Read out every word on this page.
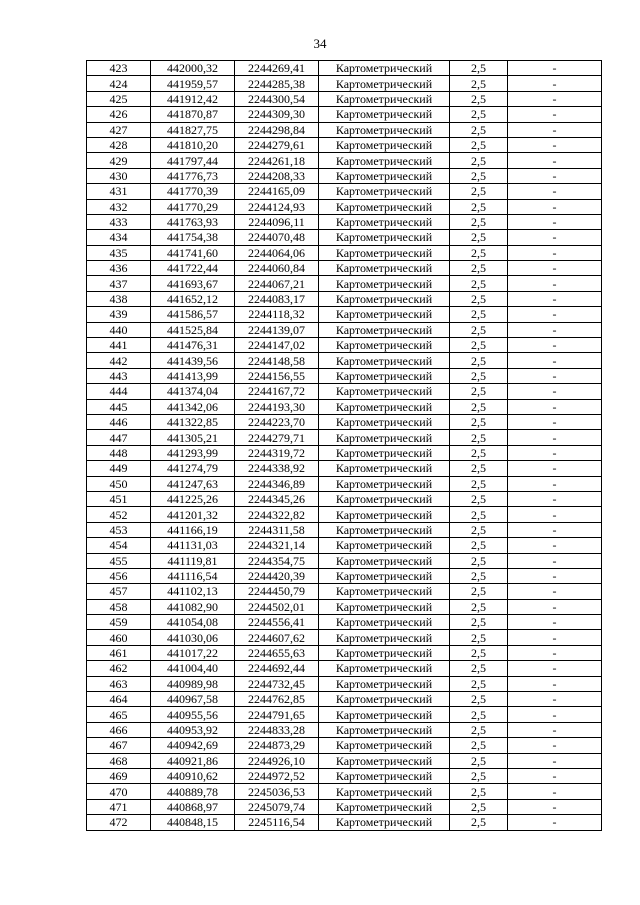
34
423	442000,32	2244269,41	Картометрический	2,5	-
424	441959,57	2244285,38	Картометрический	2,5	-
425	441912,42	2244300,54	Картометрический	2,5	-
426	441870,87	2244309,30	Картометрический	2,5	-
427	441827,75	2244298,84	Картометрический	2,5	-
428	441810,20	2244279,61	Картометрический	2,5	-
429	441797,44	2244261,18	Картометрический	2,5	-
430	441776,73	2244208,33	Картометрический	2,5	-
431	441770,39	2244165,09	Картометрический	2,5	-
432	441770,29	2244124,93	Картометрический	2,5	-
433	441763,93	2244096,11	Картометрический	2,5	-
434	441754,38	2244070,48	Картометрический	2,5	-
435	441741,60	2244064,06	Картометрический	2,5	-
436	441722,44	2244060,84	Картометрический	2,5	-
437	441693,67	2244067,21	Картометрический	2,5	-
438	441652,12	2244083,17	Картометрический	2,5	-
439	441586,57	2244118,32	Картометрический	2,5	-
440	441525,84	2244139,07	Картометрический	2,5	-
441	441476,31	2244147,02	Картометрический	2,5	-
442	441439,56	2244148,58	Картометрический	2,5	-
443	441413,99	2244156,55	Картометрический	2,5	-
444	441374,04	2244167,72	Картометрический	2,5	-
445	441342,06	2244193,30	Картометрический	2,5	-
446	441322,85	2244223,70	Картометрический	2,5	-
447	441305,21	2244279,71	Картометрический	2,5	-
448	441293,99	2244319,72	Картометрический	2,5	-
449	441274,79	2244338,92	Картометрический	2,5	-
450	441247,63	2244346,89	Картометрический	2,5	-
451	441225,26	2244345,26	Картометрический	2,5	-
452	441201,32	2244322,82	Картометрический	2,5	-
453	441166,19	2244311,58	Картометрический	2,5	-
454	441131,03	2244321,14	Картометрический	2,5	-
455	441119,81	2244354,75	Картометрический	2,5	-
456	441116,54	2244420,39	Картометрический	2,5	-
457	441102,13	2244450,79	Картометрический	2,5	-
458	441082,90	2244502,01	Картометрический	2,5	-
459	441054,08	2244556,41	Картометрический	2,5	-
460	441030,06	2244607,62	Картометрический	2,5	-
461	441017,22	2244655,63	Картометрический	2,5	-
462	441004,40	2244692,44	Картометрический	2,5	-
463	440989,98	2244732,45	Картометрический	2,5	-
464	440967,58	2244762,85	Картометрический	2,5	-
465	440955,56	2244791,65	Картометрический	2,5	-
466	440953,92	2244833,28	Картометрический	2,5	-
467	440942,69	2244873,29	Картометрический	2,5	-
468	440921,86	2244926,10	Картометрический	2,5	-
469	440910,62	2244972,52	Картометрический	2,5	-
470	440889,78	2245036,53	Картометрический	2,5	-
471	440868,97	2245079,74	Картометрический	2,5	-
472	440848,15	2245116,54	Картометрический	2,5	-
